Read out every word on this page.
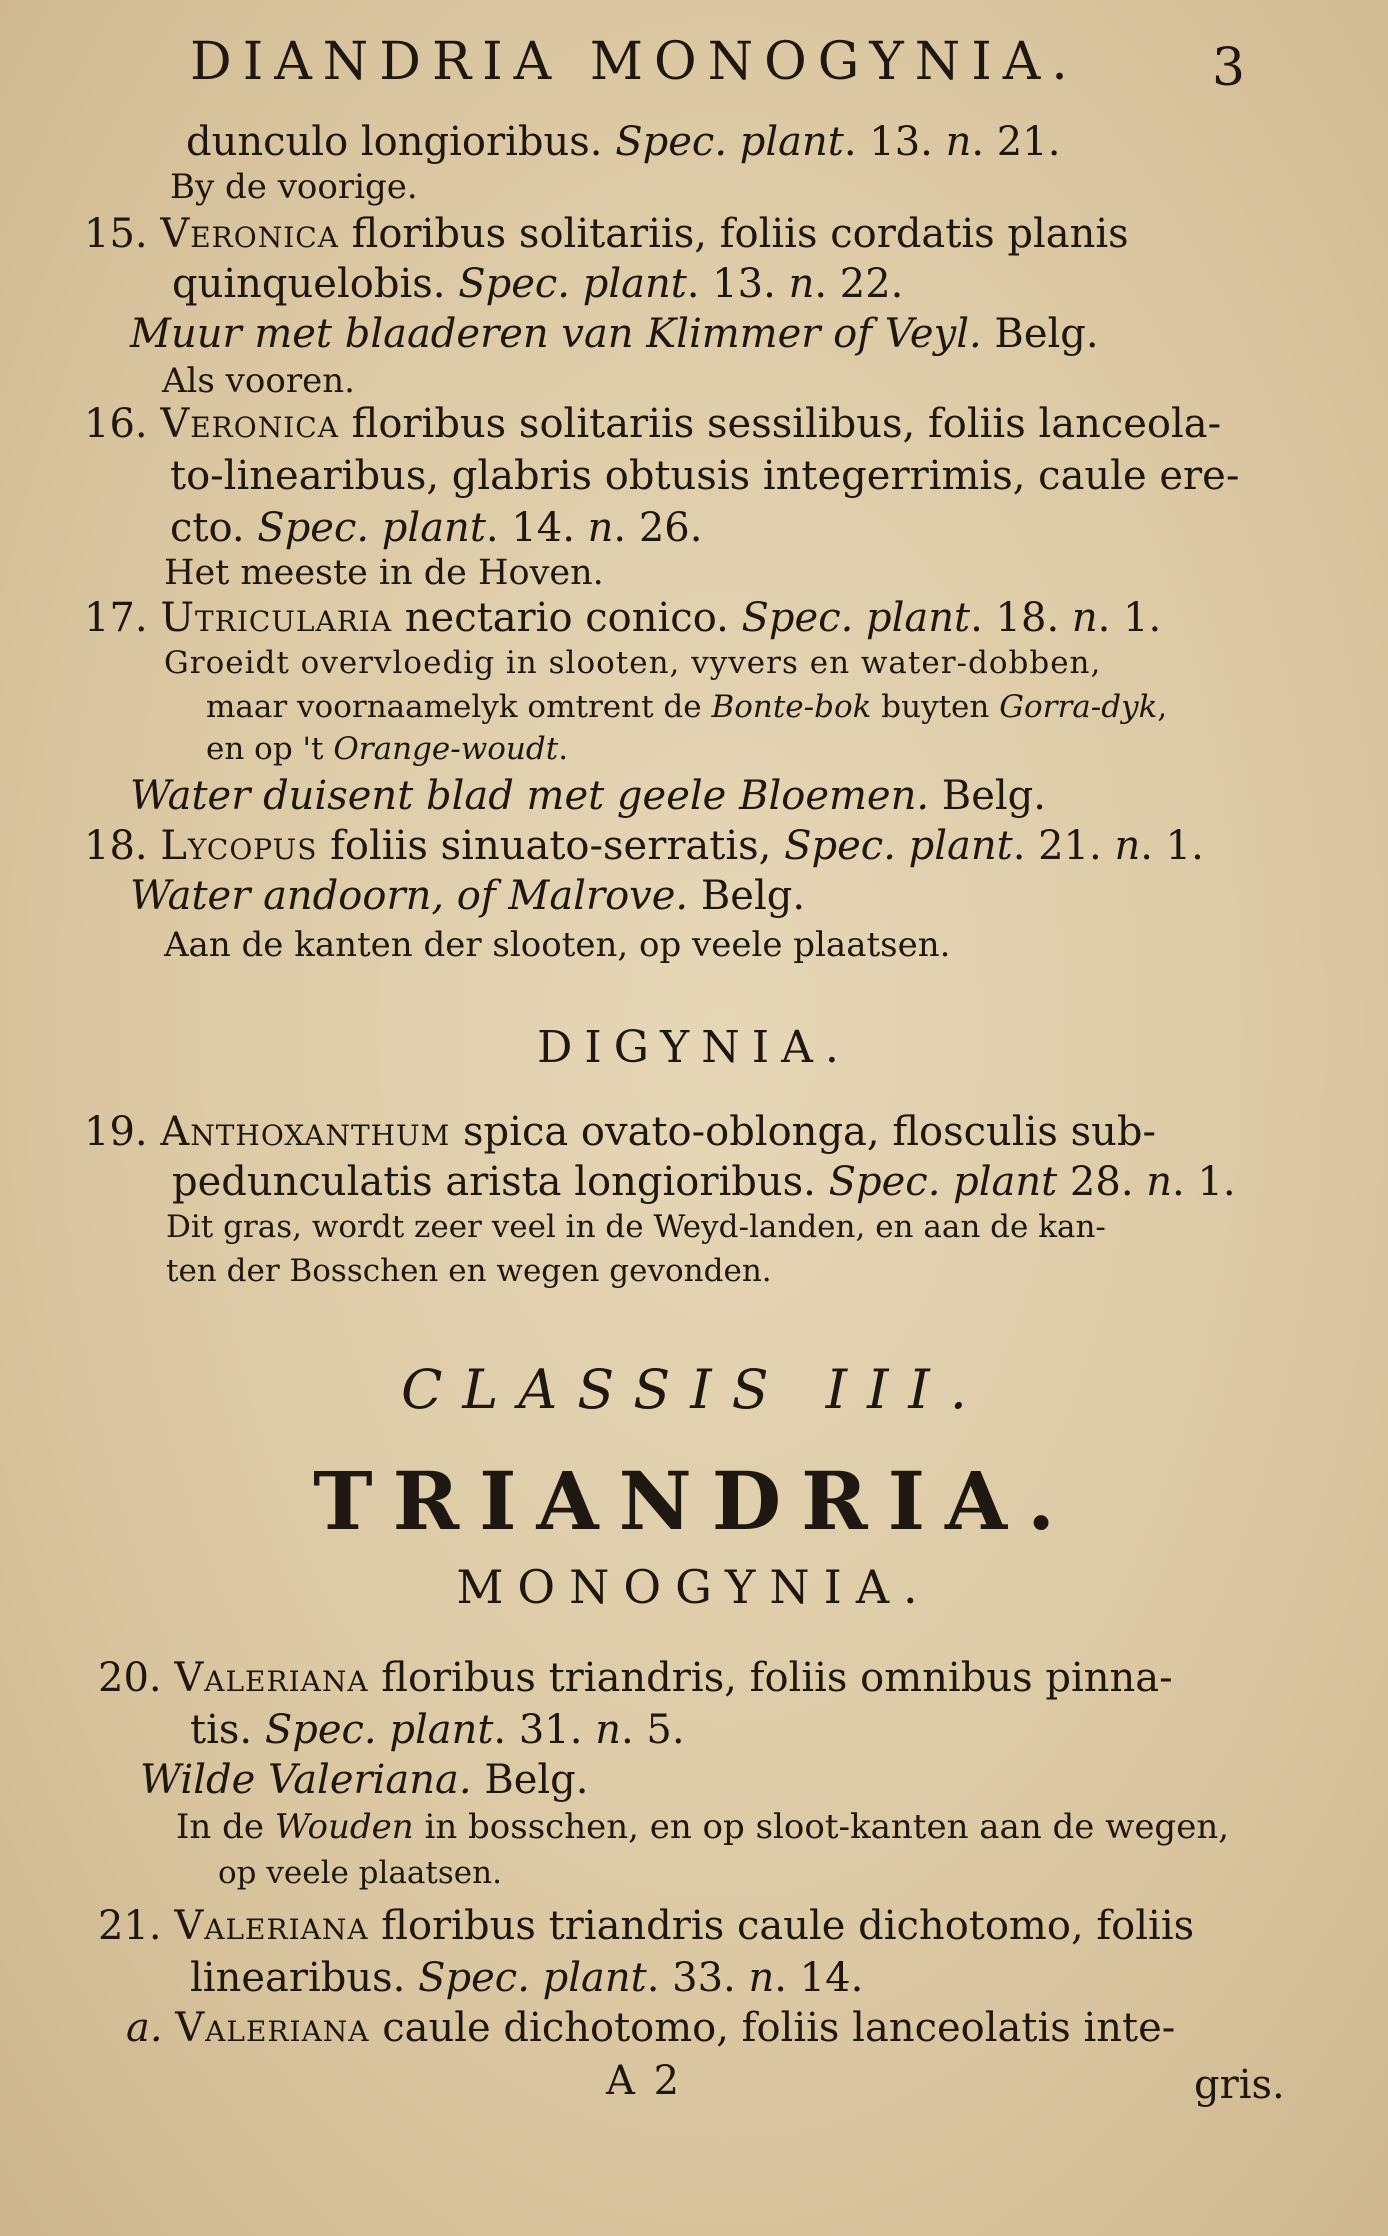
DIANDRIA MONOGYNIA.	3
dunculo longioribus. Spec. plant. 13. n. 21.
By de voorige.
15. Veronica floribus solitariis, foliis cordatis planis
quinquelobis. Spec. plant. 13. n. 22.
Muur met blaaderen van Klimmer of Veyl. Belg.
Als vooren.
16. Veronica floribus solitariis sessilibus, foliis lanceola-
to-linearibus, glabris obtusis integerrimis, caule ere-
cto. Spec. plant. 14. n. 26.
Het meeste in de Hoven.
17. Utricularia nectario conico. Spec. plant. 18. n. 1.
Groeidt overvloedig in slooten, vyvers en water-dobben,
maar voornaamelyk omtrent de Bonte-bok buyten Gorra-dyk,
en op 't Orange-woudt.
Water duisent blad met geele Bloemen. Belg.
18. Lycopus foliis sinuato-serratis, Spec. plant. 21. n. 1.
Water andoorn, of Malrove. Belg.
Aan de kanten der slooten, op veele plaatsen.
DIGYNIA.
19. Anthoxanthum spica ovato-oblonga, flosculis sub-
pedunculatis arista longioribus. Spec. plant 28. n. 1.
Dit gras, wordt zeer veel in de Weyd-landen, en aan de kan-
ten der Bosschen en wegen gevonden.
CLASSIS III.
TRIANDRIA.
MONOGYNIA.
20. Valeriana floribus triandris, foliis omnibus pinna-
tis. Spec. plant. 31. n. 5.
Wilde Valeriana. Belg.
In de Wouden in bosschen, en op sloot-kanten aan de wegen,
op veele plaatsen.
21. Valeriana floribus triandris caule dichotomo, foliis
linearibus. Spec. plant. 33. n. 14.
a. Valeriana caule dichotomo, foliis lanceolatis inte-
A 2	gris.
